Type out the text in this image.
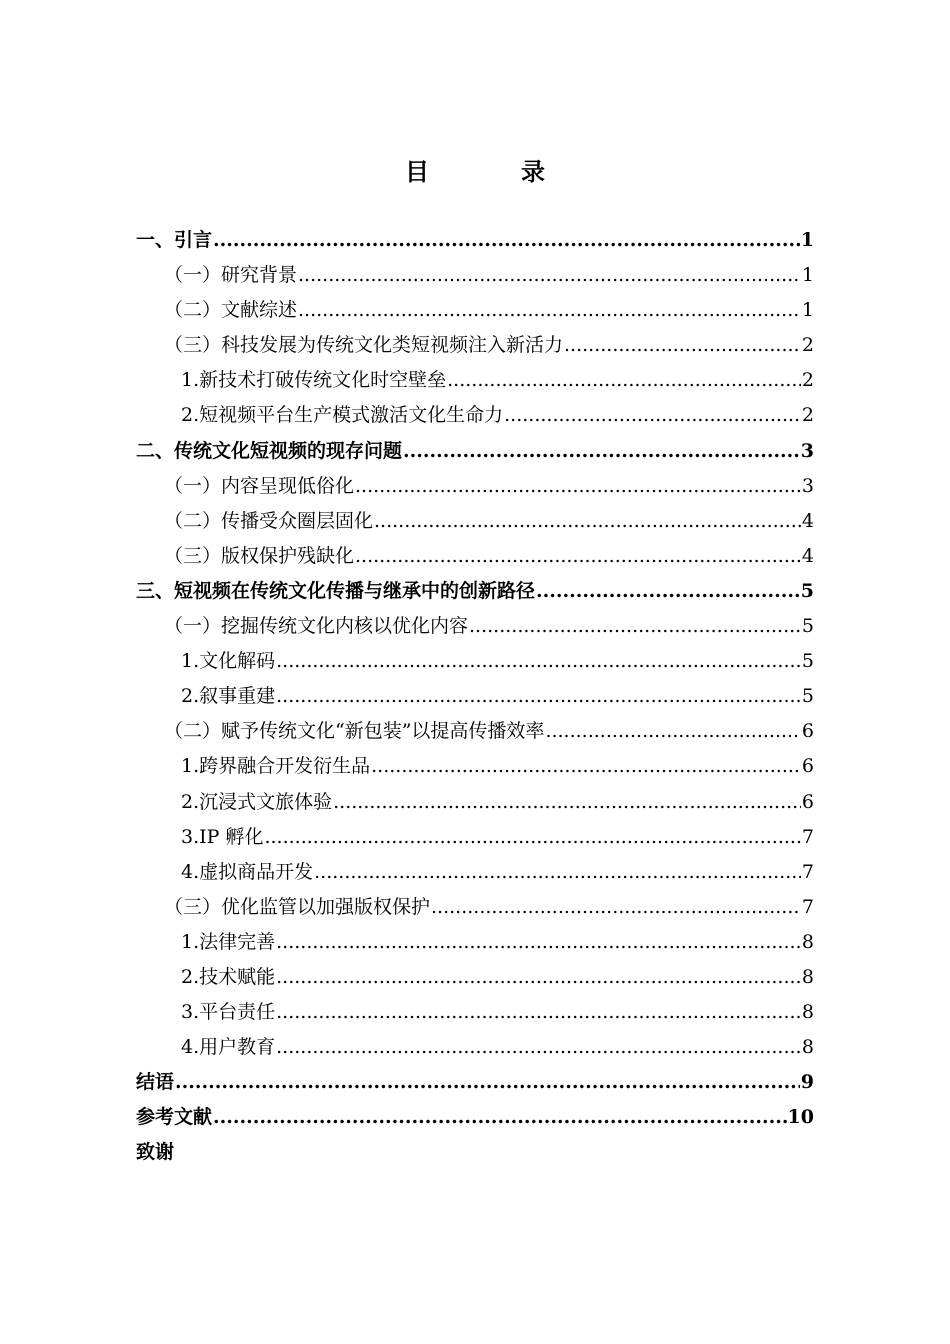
目	录
一、引言 .....	1
（一）研究背景 .....	1
（二）文献综述 .....	1
（三）科技发展为传统文化类短视频注入新活力 .....	2
1.新技术打破传统文化时空壁垒 .....	2
2.短视频平台生产模式激活文化生命力 .....	2
二、传统文化短视频的现存问题 .....	3
（一）内容呈现低俗化 .....	3
（二）传播受众圈层固化 .....	4
（三）版权保护残缺化 .....	4
三、短视频在传统文化传播与继承中的创新路径 .....	5
（一）挖掘传统文化内核以优化内容 .....	5
1.文化解码 .....	5
2.叙事重建 .....	5
（二）赋予传统文化“新包装”以提高传播效率 .....	6
1.跨界融合开发衍生品 .....	6
2.沉浸式文旅体验 .....	6
3.IP 孵化 .....	7
4.虚拟商品开发 .....	7
（三）优化监管以加强版权保护 .....	7
1.法律完善 .....	8
2.技术赋能 .....	8
3.平台责任 .....	8
4.用户教育 .....	8
结语 .....	9
参考文献 .....	10
致谢
